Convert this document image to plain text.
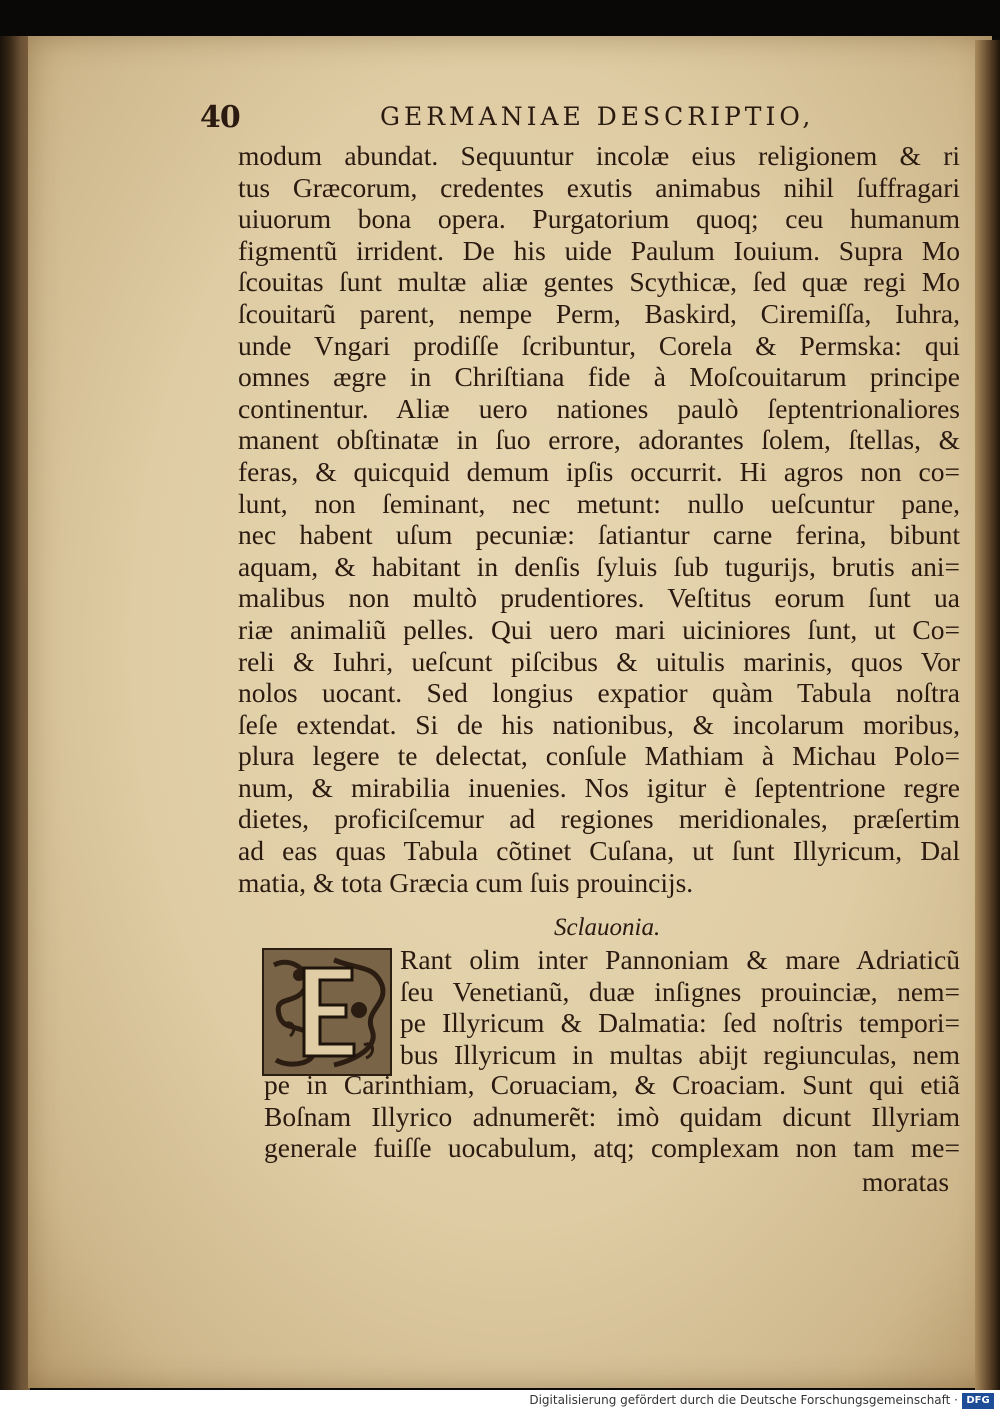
40	GERMANIAE DESCRIPTIO,
modum abundat. Sequuntur incolæ eius religionem & ri
tus Græcorum, credentes exutis animabus nihil ſuffragari
uiuorum bona opera. Purgatorium quoq; ceu humanum
figmentũ irrident. De his uide Paulum Iouium. Supra Mo
ſcouitas ſunt multæ aliæ gentes Scythicæ, ſed quæ regi Mo
ſcouitarũ parent, nempe Perm, Baskird, Ciremiſſa, Iuhra,
unde Vngari prodiſſe ſcribuntur, Corela & Permska: qui
omnes ægre in Chriſtiana fide à Moſcouitarum principe
continentur. Aliæ uero nationes paulò ſeptentrionaliores
manent obſtinatæ in ſuo errore, adorantes ſolem, ſtellas, &
feras, & quicquid demum ipſis occurrit. Hi agros non co=
lunt, non ſeminant, nec metunt: nullo ueſcuntur pane,
nec habent uſum pecuniæ: ſatiantur carne ferina, bibunt
aquam, & habitant in denſis ſyluis ſub tugurijs, brutis ani=
malibus non multò prudentiores. Veſtitus eorum ſunt ua
riæ animaliũ pelles. Qui uero mari uiciniores ſunt, ut Co=
reli & Iuhri, ueſcunt piſcibus & uitulis marinis, quos Vor
nolos uocant. Sed longius expatior quàm Tabula noſtra
ſeſe extendat. Si de his nationibus, & incolarum moribus,
plura legere te delectat, conſule Mathiam à Michau Polo=
num, & mirabilia inuenies. Nos igitur è ſeptentrione regre
dietes, proficiſcemur ad regiones meridionales, præſertim
ad eas quas Tabula cõtinet Cuſana, ut ſunt Illyricum, Dal
matia, & tota Græcia cum ſuis prouincijs.
Sclauonia.
Rant olim inter Pannoniam & mare Adriaticũ
ſeu Venetianũ, duæ inſignes prouinciæ, nem=
pe Illyricum & Dalmatia: ſed noſtris tempori=
bus Illyricum in multas abijt regiunculas, nem
pe in Carinthiam, Coruaciam, & Croaciam. Sunt qui etiã
Boſnam Illyrico adnumerẽt: imò quidam dicunt Illyriam
generale fuiſſe uocabulum, atq; complexam non tam me=
moratas
Digitalisierung gefördert durch die Deutsche Forschungsgemeinschaft · DFG
